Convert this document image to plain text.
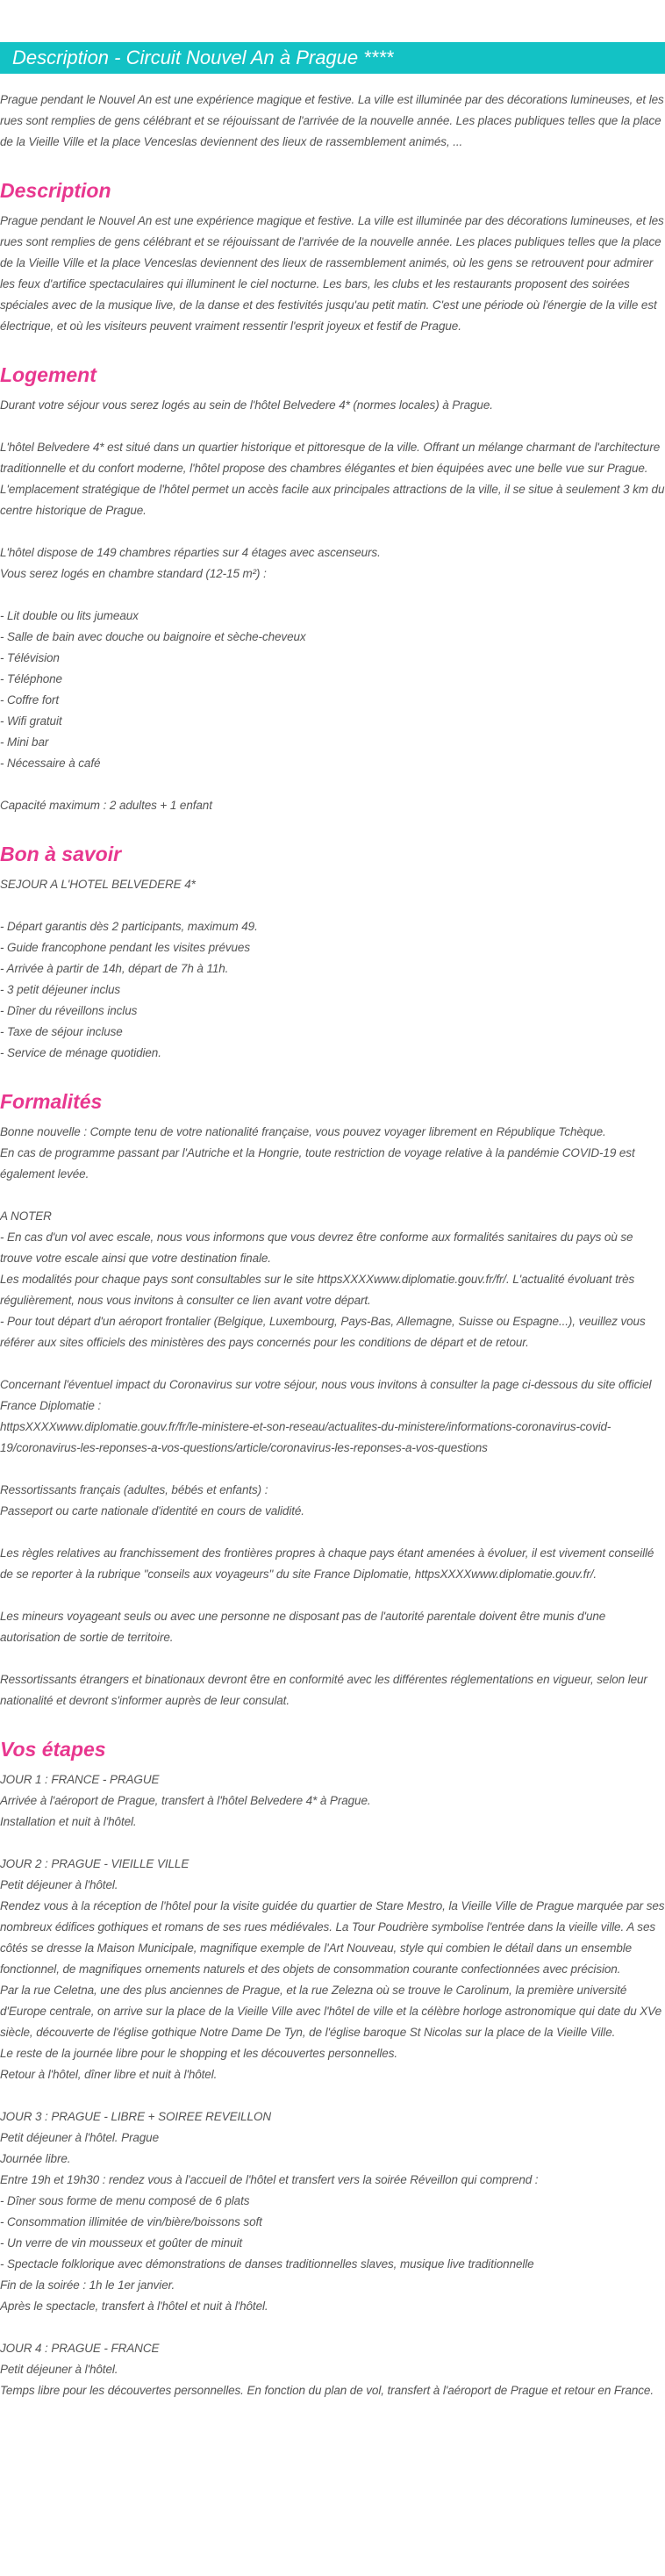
Description - Circuit Nouvel An à Prague ****

Prague pendant le Nouvel An est une expérience magique et festive. La ville est illuminée par des décorations lumineuses, et les rues sont remplies de gens célébrant et se réjouissant de l'arrivée de la nouvelle année. Les places publiques telles que la place de la Vieille Ville et la place Venceslas deviennent des lieux de rassemblement animés, ...

Description
Prague pendant le Nouvel An est une expérience magique et festive. La ville est illuminée par des décorations lumineuses, et les rues sont remplies de gens célébrant et se réjouissant de l'arrivée de la nouvelle année. Les places publiques telles que la place de la Vieille Ville et la place Venceslas deviennent des lieux de rassemblement animés, où les gens se retrouvent pour admirer les feux d'artifice spectaculaires qui illuminent le ciel nocturne. Les bars, les clubs et les restaurants proposent des soirées spéciales avec de la musique live, de la danse et des festivités jusqu'au petit matin. C'est une période où l'énergie de la ville est électrique, et où les visiteurs peuvent vraiment ressentir l'esprit joyeux et festif de Prague.
Logement
Durant votre séjour vous serez logés au sein de l'hôtel Belvedere 4* (normes locales) à Prague.

L'hôtel Belvedere 4* est situé dans un quartier historique et pittoresque de la ville. Offrant un mélange charmant de l'architecture traditionnelle et du confort moderne, l'hôtel propose des chambres élégantes et bien équipées avec une belle vue sur Prague. L'emplacement stratégique de l'hôtel permet un accès facile aux principales attractions de la ville, il se situe à seulement 3 km du centre historique de Prague.

L'hôtel dispose de 149 chambres réparties sur 4 étages avec ascenseurs.
Vous serez logés en chambre standard (12-15 m²) :

- Lit double ou lits jumeaux
- Salle de bain avec douche ou baignoire et sèche-cheveux
- Télévision
- Téléphone
- Coffre fort
- Wifi gratuit
- Mini bar
- Nécessaire à café

Capacité maximum : 2 adultes + 1 enfant
Bon à savoir
SEJOUR A L'HOTEL BELVEDERE 4*

- Départ garantis dès 2 participants, maximum 49.
- Guide francophone pendant les visites prévues
- Arrivée à partir de 14h, départ de 7h à 11h.
- 3 petit déjeuner inclus
- Dîner du réveillons inclus
- Taxe de séjour incluse
- Service de ménage quotidien.
Formalités
Bonne nouvelle : Compte tenu de votre nationalité française, vous pouvez voyager librement en République Tchèque.
En cas de programme passant par l'Autriche et la Hongrie, toute restriction de voyage relative à la pandémie COVID-19 est également levée.

A NOTER
- En cas d'un vol avec escale, nous vous informons que vous devrez être conforme aux formalités sanitaires du pays où se trouve votre escale ainsi que votre destination finale.
Les modalités pour chaque pays sont consultables sur le site httpsXXXXwww.diplomatie.gouv.fr/fr/. L'actualité évoluant très régulièrement, nous vous invitons à consulter ce lien avant votre départ.
- Pour tout départ d'un aéroport frontalier (Belgique, Luxembourg, Pays-Bas, Allemagne, Suisse ou Espagne...), veuillez vous référer aux sites officiels des ministères des pays concernés pour les conditions de départ et de retour.

Concernant l'éventuel impact du Coronavirus sur votre séjour, nous vous invitons à consulter la page ci-dessous du site officiel France Diplomatie :
httpsXXXXwww.diplomatie.gouv.fr/fr/le-ministere-et-son-reseau/actualites-du-ministere/informations-coronavirus-covid-19/coronavirus-les-reponses-a-vos-questions/article/coronavirus-les-reponses-a-vos-questions

Ressortissants français (adultes, bébés et enfants) :
Passeport ou carte nationale d'identité en cours de validité.

Les règles relatives au franchissement des frontières propres à chaque pays étant amenées à évoluer, il est vivement conseillé de se reporter à la rubrique "conseils aux voyageurs" du site France Diplomatie, httpsXXXXwww.diplomatie.gouv.fr/.

Les mineurs voyageant seuls ou avec une personne ne disposant pas de l'autorité parentale doivent être munis d'une autorisation de sortie de territoire.

Ressortissants étrangers et binationaux devront être en conformité avec les différentes réglementations en vigueur, selon leur nationalité et devront s'informer auprès de leur consulat.
Vos étapes
JOUR 1 : FRANCE - PRAGUE
Arrivée à l'aéroport de Prague, transfert à l'hôtel Belvedere 4* à Prague.
Installation et nuit à l'hôtel.

JOUR 2 : PRAGUE - VIEILLE VILLE
Petit déjeuner à l'hôtel.
Rendez vous à la réception de l'hôtel pour la visite guidée du quartier de Stare Mestro, la Vieille Ville de Prague marquée par ses nombreux édifices gothiques et romans de ses rues médiévales. La Tour Poudrière symbolise l'entrée dans la vieille ville. A ses côtés se dresse la Maison Municipale, magnifique exemple de l'Art Nouveau, style qui combien le détail dans un ensemble fonctionnel, de magnifiques ornements naturels et des objets de consommation courante confectionnées avec précision.
Par la rue Celetna, une des plus anciennes de Prague, et la rue Zelezna où se trouve le Carolinum, la première université d'Europe centrale, on arrive sur la place de la Vieille Ville avec l'hôtel de ville et la célèbre horloge astronomique qui date du XVe siècle, découverte de l'église gothique Notre Dame De Tyn, de l'église baroque St Nicolas sur la place de la Vieille Ville.
Le reste de la journée libre pour le shopping et les découvertes personnelles.
Retour à l'hôtel, dîner libre et nuit à l'hôtel.

JOUR 3 : PRAGUE - LIBRE + SOIREE REVEILLON
Petit déjeuner à l'hôtel. Prague
Journée libre.
Entre 19h et 19h30 : rendez vous à l'accueil de l'hôtel et transfert vers la soirée Réveillon qui comprend :
- Dîner sous forme de menu composé de 6 plats
- Consommation illimitée de vin/bière/boissons soft
- Un verre de vin mousseux et goûter de minuit
- Spectacle folklorique avec démonstrations de danses traditionnelles slaves, musique live traditionnelle
Fin de la soirée : 1h le 1er janvier.
Après le spectacle, transfert à l'hôtel et nuit à l'hôtel.

JOUR 4 : PRAGUE - FRANCE
Petit déjeuner à l'hôtel.
Temps libre pour les découvertes personnelles. En fonction du plan de vol, transfert à l'aéroport de Prague et retour en France.
